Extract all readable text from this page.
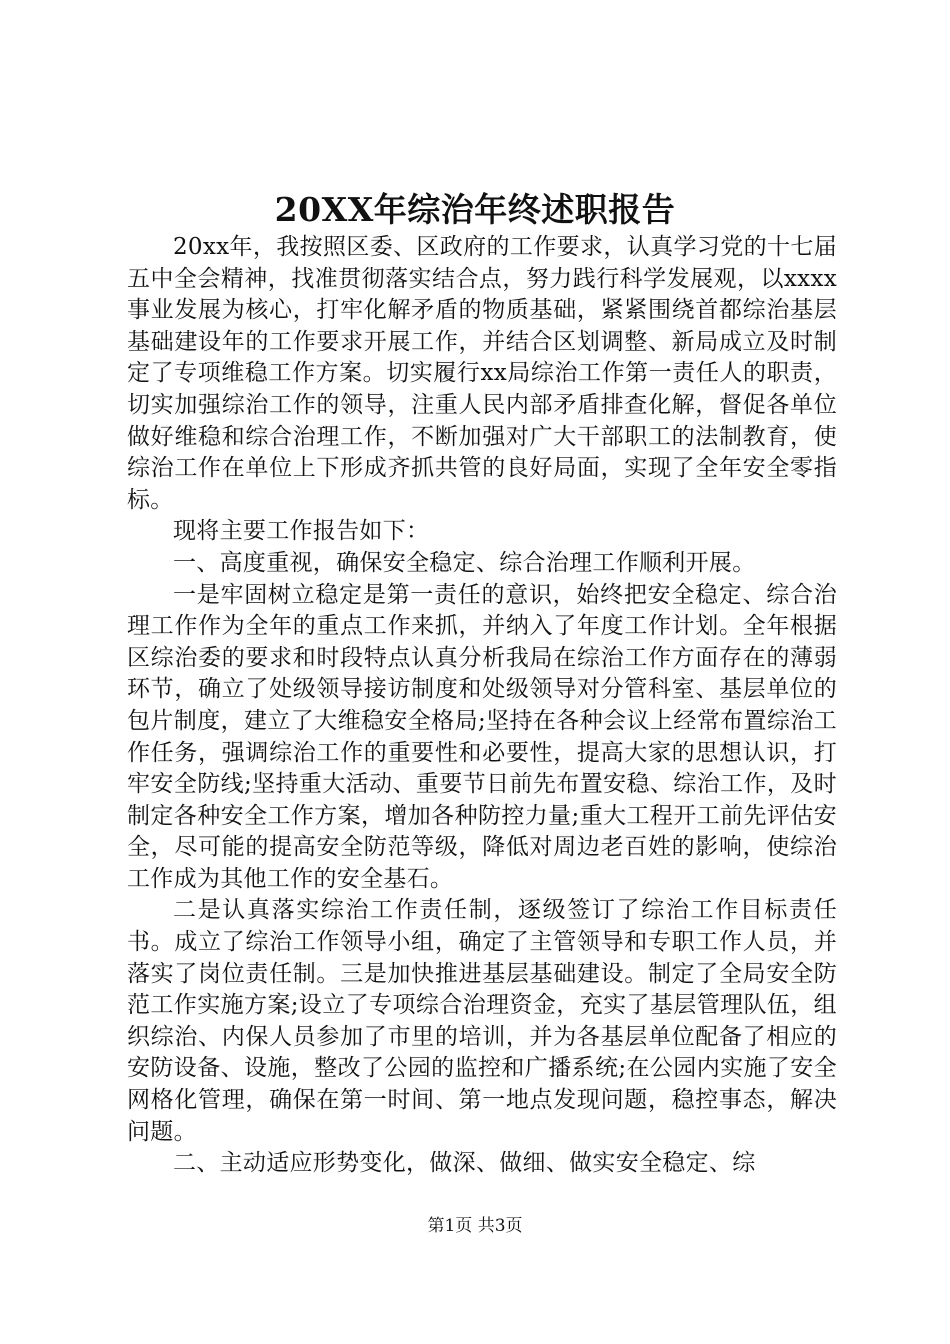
20XX年综治年终述职报告

20xx年，我按照区委、区政府的工作要求，认真学习党的十七届五中全会精神，找准贯彻落实结合点，努力践行科学发展观，以xxxx事业发展为核心，打牢化解矛盾的物质基础，紧紧围绕首都综治基层基础建设年的工作要求开展工作，并结合区划调整、新局成立及时制定了专项维稳工作方案。切实履行xx局综治工作第一责任人的职责，切实加强综治工作的领导，注重人民内部矛盾排查化解，督促各单位做好维稳和综合治理工作，不断加强对广大干部职工的法制教育，使综治工作在单位上下形成齐抓共管的良好局面，实现了全年安全零指标。

现将主要工作报告如下：

一、高度重视，确保安全稳定、综合治理工作顺利开展。

一是牢固树立稳定是第一责任的意识，始终把安全稳定、综合治理工作作为全年的重点工作来抓，并纳入了年度工作计划。全年根据区综治委的要求和时段特点认真分析我局在综治工作方面存在的薄弱环节，确立了处级领导接访制度和处级领导对分管科室、基层单位的包片制度，建立了大维稳安全格局;坚持在各种会议上经常布置综治工作任务，强调综治工作的重要性和必要性，提高大家的思想认识，打牢安全防线;坚持重大活动、重要节日前先布置安稳、综治工作，及时制定各种安全工作方案，增加各种防控力量;重大工程开工前先评估安全，尽可能的提高安全防范等级，降低对周边老百姓的影响，使综治工作成为其他工作的安全基石。

二是认真落实综治工作责任制，逐级签订了综治工作目标责任书。成立了综治工作领导小组，确定了主管领导和专职工作人员，并落实了岗位责任制。三是加快推进基层基础建设。制定了全局安全防范工作实施方案;设立了专项综合治理资金，充实了基层管理队伍，组织综治、内保人员参加了市里的培训，并为各基层单位配备了相应的安防设备、设施，整改了公园的监控和广播系统;在公园内实施了安全网格化管理，确保在第一时间、第一地点发现问题，稳控事态，解决问题。

二、主动适应形势变化，做深、做细、做实安全稳定、综

第1页 共3页
